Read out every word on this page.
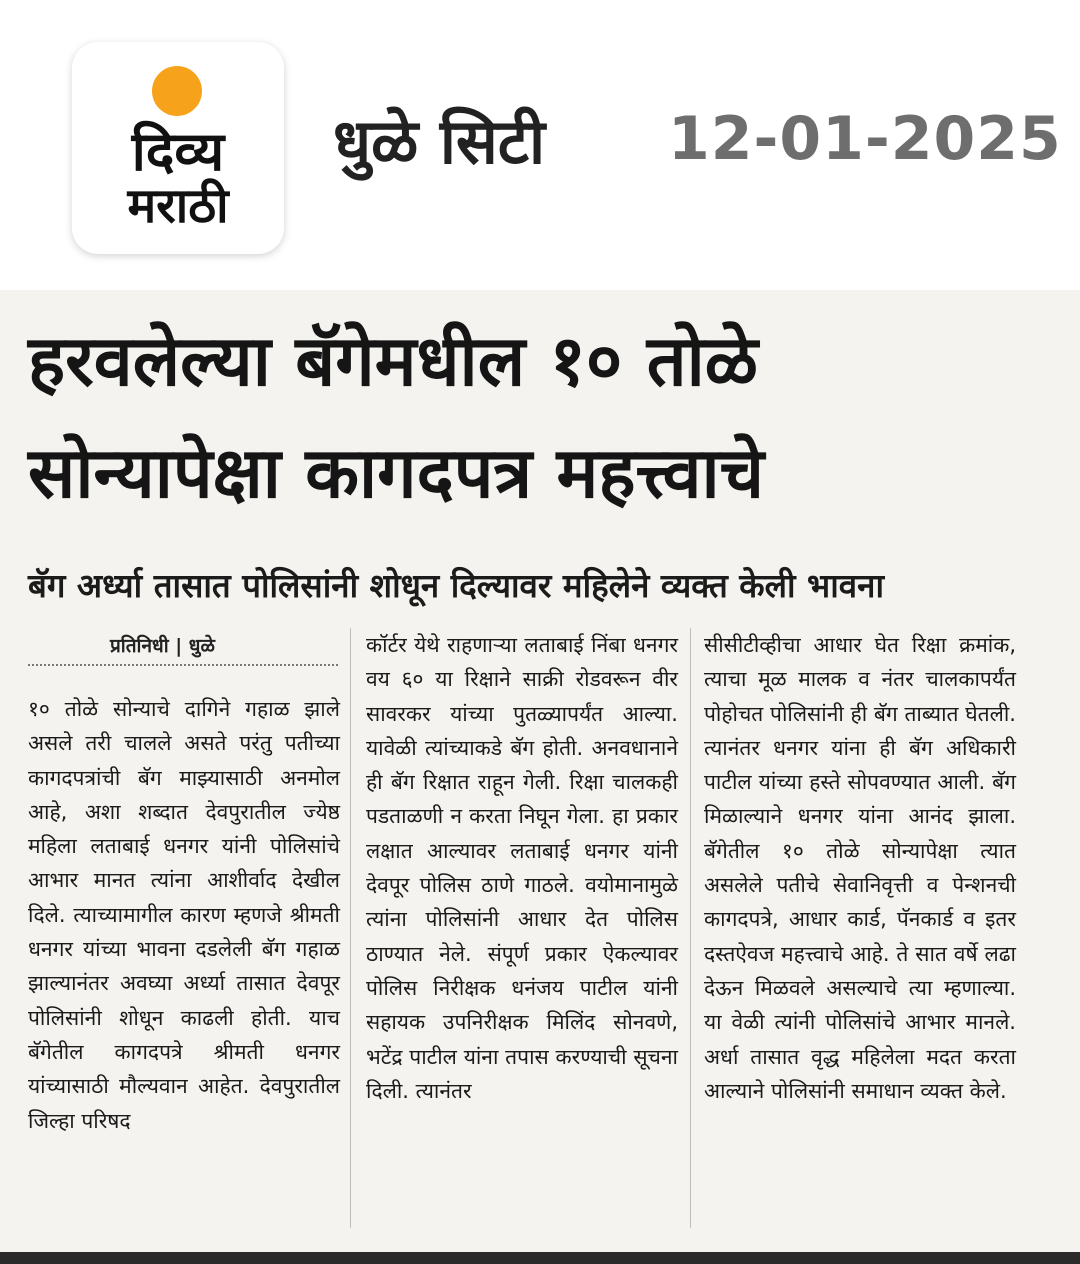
दिव्य
मराठी
धुळे सिटी 12-01-2025
हरवलेल्या बॅगेमधील १० तोळे
सोन्यापेक्षा कागदपत्र महत्त्वाचे
बॅग अर्ध्या तासात पोलिसांनी शोधून दिल्यावर महिलेने व्यक्त केली भावना
प्रतिनिधी | धुळे

१० तोळे सोन्याचे दागिने गहाळ झाले असले तरी चालले असते परंतु पतीच्या कागदपत्रांची बॅग माझ्यासाठी अनमोल आहे, अशा शब्दात देवपुरातील ज्येष्ठ महिला लताबाई धनगर यांनी पोलिसांचे आभार मानत त्यांना आशीर्वाद देखील दिले. त्याच्यामागील कारण म्हणजे श्रीमती धनगर यांच्या भावना दडलेली बॅग गहाळ झाल्यानंतर अवघ्या अर्ध्या तासात देवपूर पोलिसांनी शोधून काढली होती. याच बॅगेतील कागदपत्रे श्रीमती धनगर यांच्यासाठी मौल्यवान आहेत. देवपुरातील जिल्हा परिषद

कॉर्टर येथे राहणाऱ्या लताबाई निंबा धनगर वय ६० या रिक्षाने साक्री रोडवरून वीर सावरकर यांच्या पुतळ्यापर्यंत आल्या. यावेळी त्यांच्याकडे बॅग होती. अनवधानाने ही बॅग रिक्षात राहून गेली. रिक्षा चालकही पडताळणी न करता निघून गेला. हा प्रकार लक्षात आल्यावर लताबाई धनगर यांनी देवपूर पोलिस ठाणे गाठले. वयोमानामुळे त्यांना पोलिसांनी आधार देत पोलिस ठाण्यात नेले. संपूर्ण प्रकार ऐकल्यावर पोलिस निरीक्षक धनंजय पाटील यांनी सहायक उपनिरीक्षक मिलिंद सोनवणे, भटेंद्र पाटील यांना तपास करण्याची सूचना दिली. त्यानंतर

सीसीटीव्हीचा आधार घेत रिक्षा क्रमांक, त्याचा मूळ मालक व नंतर चालकापर्यंत पोहोचत पोलिसांनी ही बॅग ताब्यात घेतली. त्यानंतर धनगर यांना ही बॅग अधिकारी पाटील यांच्या हस्ते सोपवण्यात आली. बॅग मिळाल्याने धनगर यांना आनंद झाला. बॅगेतील १० तोळे सोन्यापेक्षा त्यात असलेले पतीचे सेवानिवृत्ती व पेन्शनची कागदपत्रे, आधार कार्ड, पॅनकार्ड व इतर दस्तऐवज महत्त्वाचे आहे. ते सात वर्षे लढा देऊन मिळवले असल्याचे त्या म्हणाल्या. या वेळी त्यांनी पोलिसांचे आभार मानले. अर्धा तासात वृद्ध महिलेला मदत करता आल्याने पोलिसांनी समाधान व्यक्त केले.
